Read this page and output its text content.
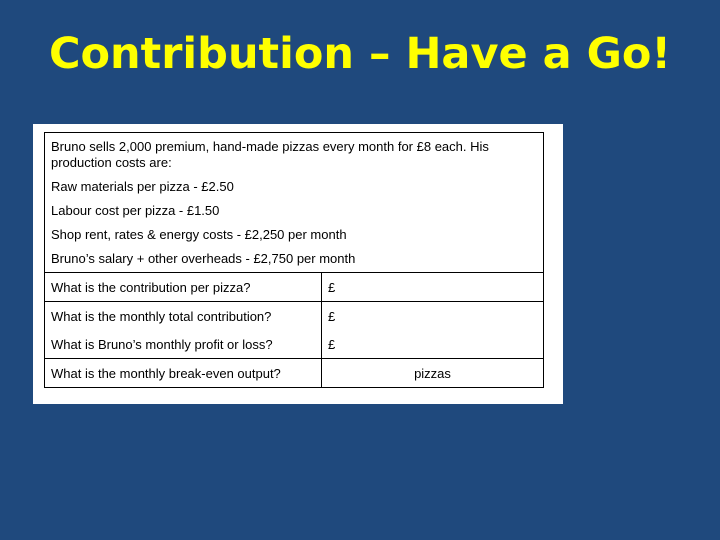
Contribution – Have a Go!

Bruno sells 2,000 premium, hand-made pizzas every month for £8 each. His production costs are:

Raw materials per pizza - £2.50

Labour cost per pizza - £1.50

Shop rent, rates & energy costs - £2,250 per month

Bruno’s salary + other overheads - £2,750 per month	

What is the contribution per pizza?	£
What is the monthly total contribution?	£
What is Bruno’s monthly profit or loss?	£
What is the monthly break-even output?	pizzas
